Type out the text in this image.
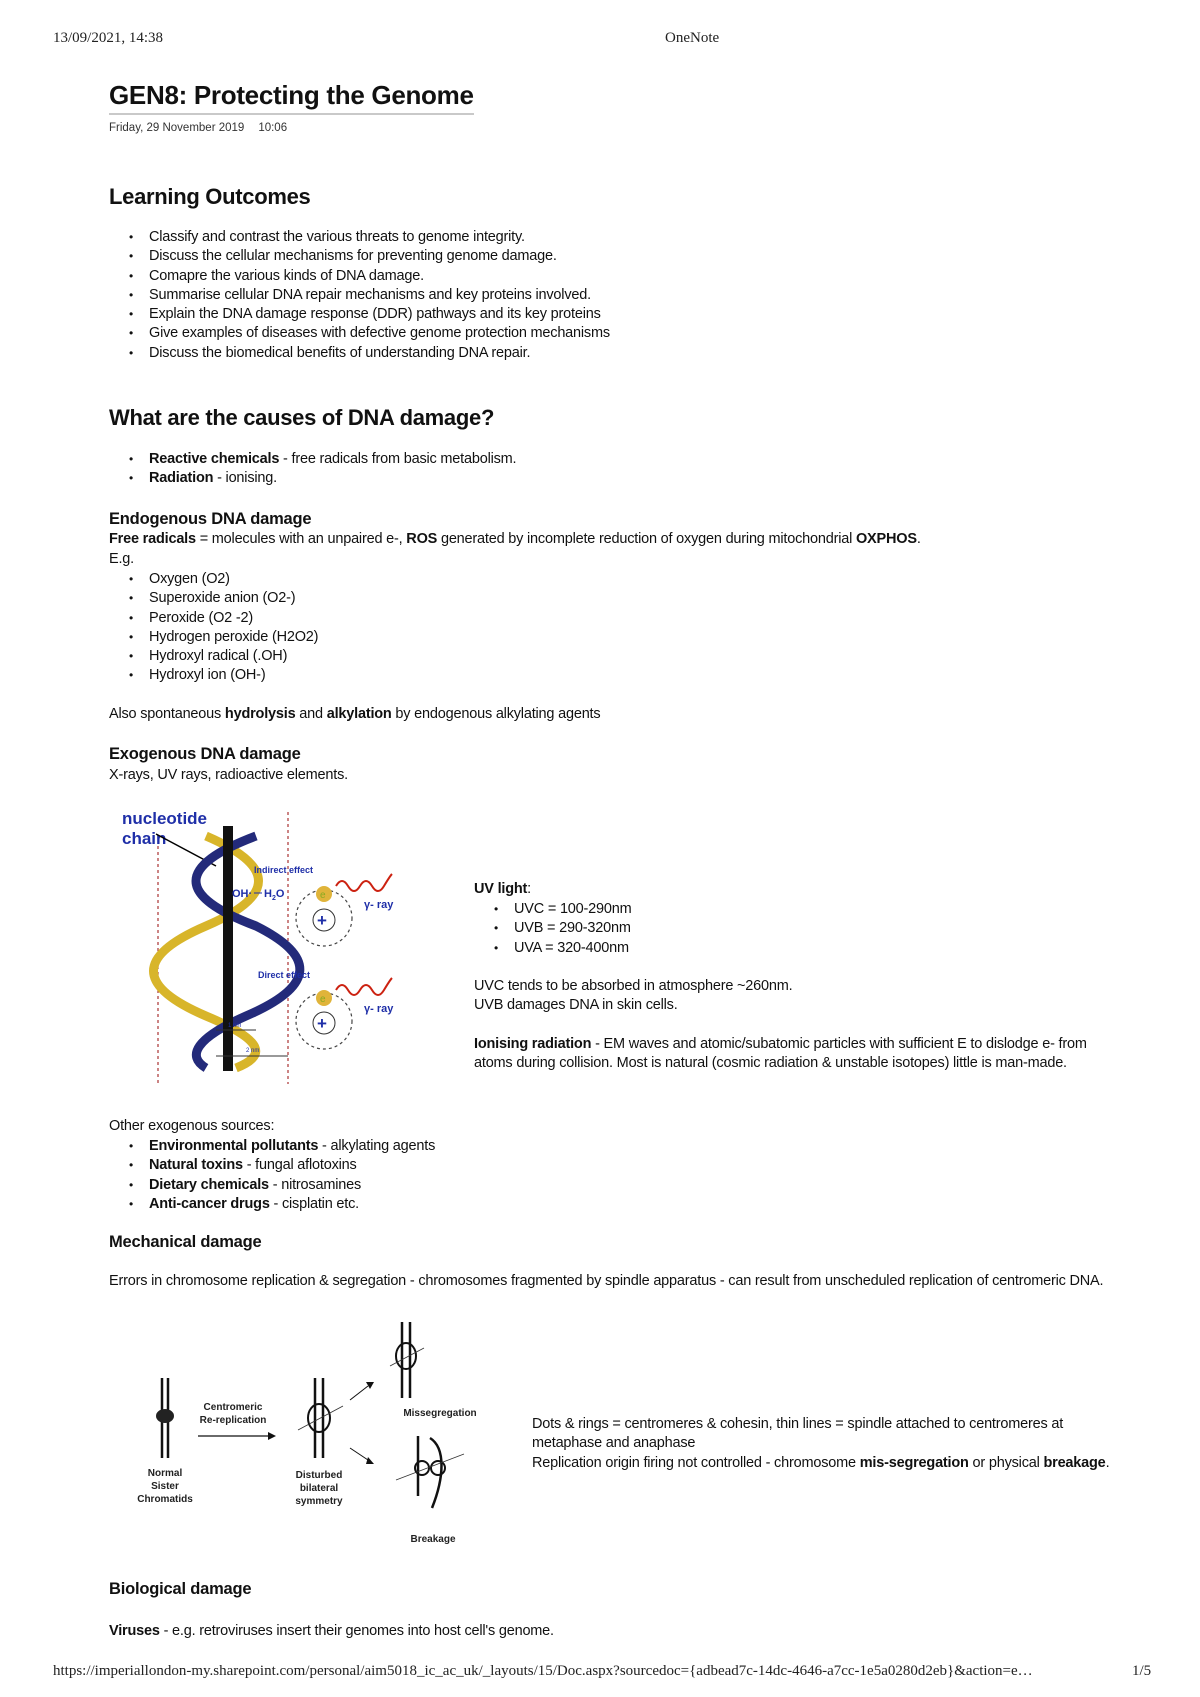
13/09/2021, 14:38	OneNote
GEN8: Protecting the Genome
Friday, 29 November 2019 10:06
Learning Outcomes
• Classify and contrast the various threats to genome integrity.
• Discuss the cellular mechanisms for preventing genome damage.
• Comapre the various kinds of DNA damage.
• Summarise cellular DNA repair mechanisms and key proteins involved.
• Explain the DNA damage response (DDR) pathways and its key proteins
• Give examples of diseases with defective genome protection mechanisms
• Discuss the biomedical benefits of understanding DNA repair.
What are the causes of DNA damage?
• Reactive chemicals - free radicals from basic metabolism.
• Radiation - ionising.
Endogenous DNA damage
Free radicals = molecules with an unpaired e-, ROS generated by incomplete reduction of oxygen during mitochondrial OXPHOS.
E.g.
• Oxygen (O2)
• Superoxide anion (O2-)
• Peroxide (O2 -2)
• Hydrogen peroxide (H2O2)
• Hydroxyl radical (.OH)
• Hydroxyl ion (OH-)
Also spontaneous hydrolysis and alkylation by endogenous alkylating agents
Exogenous DNA damage
X-rays, UV rays, radioactive elements.
nucleotide
chain
Indirect effect
$OH\cdot H_2O$
+
e
γ- ray
Direct effect
+
e
γ- ray
1 nm
2 nm
UV light:
• UVC = 100-290nm
• UVB = 290-320nm
• UVA = 320-400nm
UVC tends to be absorbed in atmosphere ~260nm.
UVB damages DNA in skin cells.
Ionising radiation - EM waves and atomic/subatomic particles with sufficient E to dislodge e- from atoms during collision. Most is natural (cosmic radiation & unstable isotopes) little is man-made.
Other exogenous sources:
• Environmental pollutants - alkylating agents
• Natural toxins - fungal aflotoxins
• Dietary chemicals - nitrosamines
• Anti-cancer drugs - cisplatin etc.
Mechanical damage
Errors in chromosome replication & segregation - chromosomes fragmented by spindle apparatus - can result from unscheduled replication of centromeric DNA.
Normal
Sister
Chromatids
Centromeric
Re-replication
Disturbed
bilateral
symmetry
Missegregation
Breakage
Dots & rings = centromeres & cohesin, thin lines = spindle attached to centromeres at metaphase and anaphase
Replication origin firing not controlled - chromosome mis-segregation or physical breakage.
Biological damage
Viruses - e.g. retroviruses insert their genomes into host cell's genome.
https://imperiallondon-my.sharepoint.com/personal/aim5018_ic_ac_uk/_layouts/15/Doc.aspx?sourcedoc={adbead7c-14dc-4646-a7cc-1e5a0280d2eb}&action=e…	1/5
